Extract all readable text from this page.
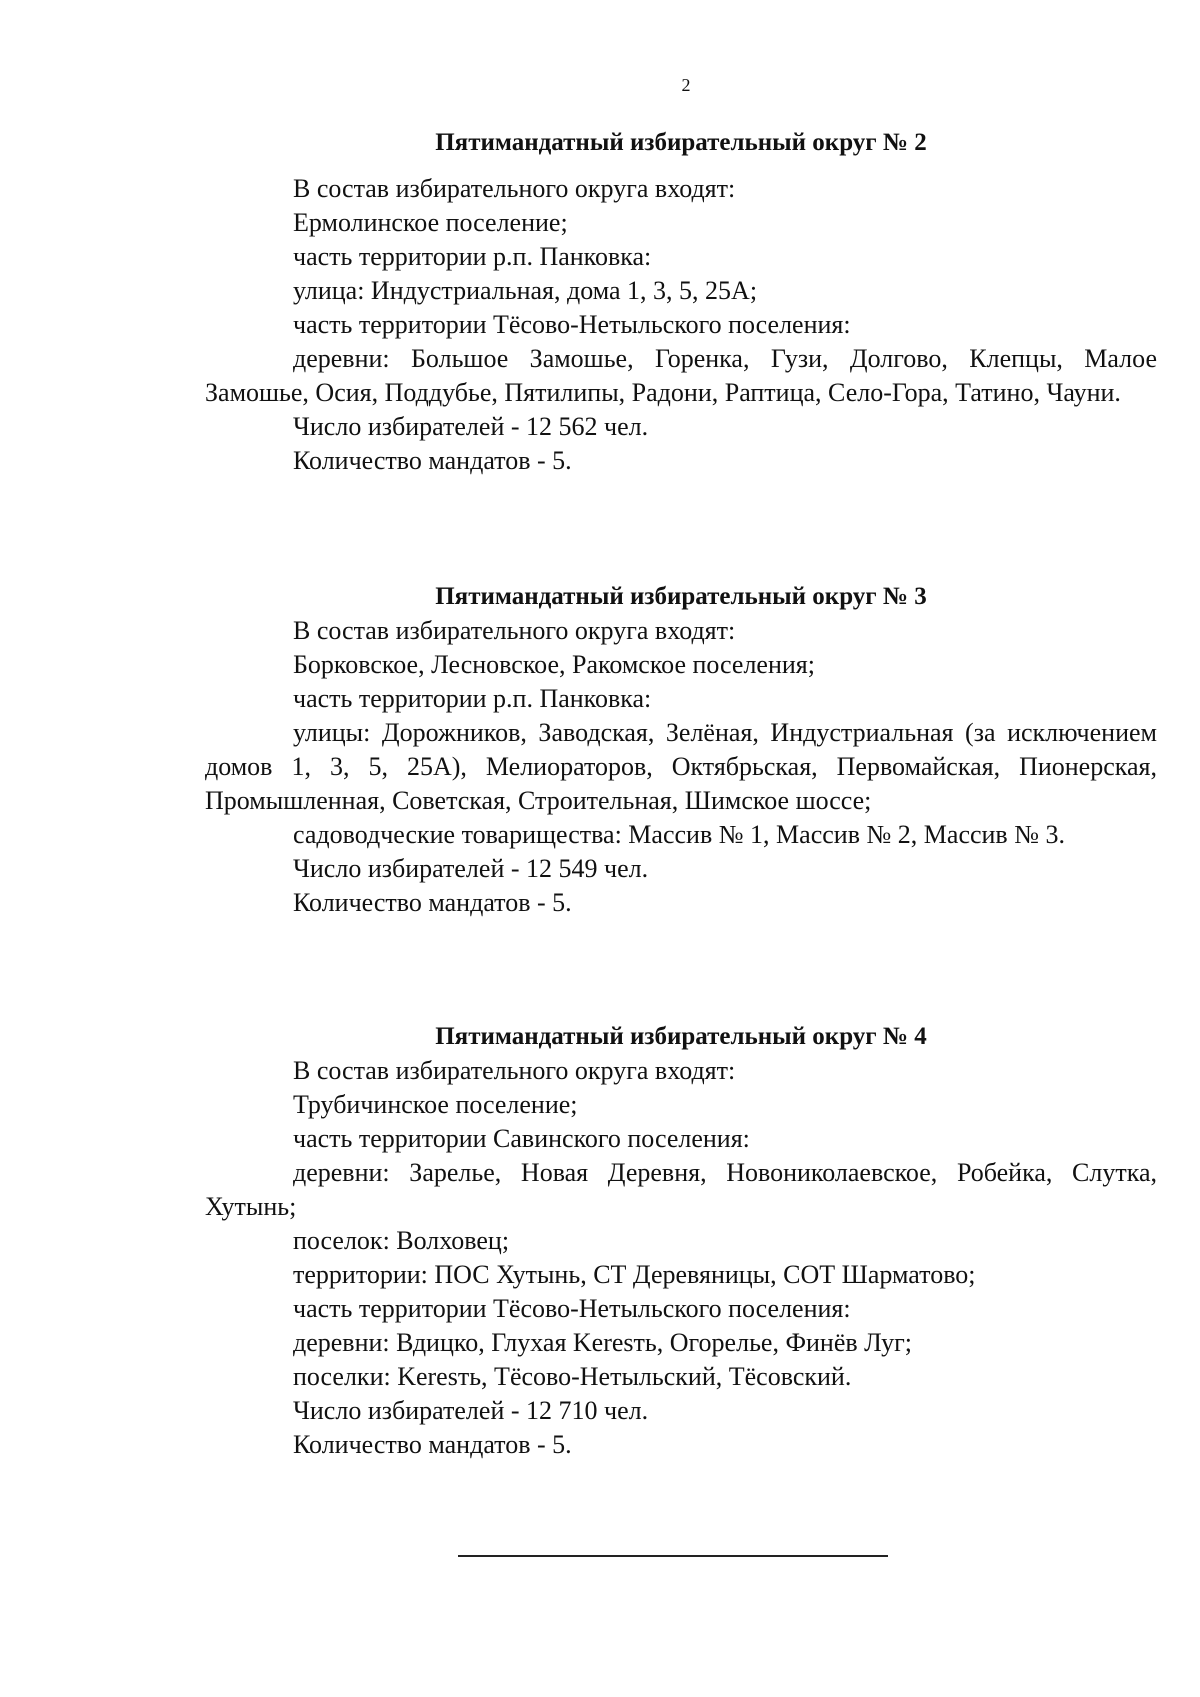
2

Пятимандатный избирательный округ № 2

В состав избирательного округа входят:

Ермолинское поселение;

часть территории р.п. Панковка:

улица: Индустриальная, дома 1, 3, 5, 25А;

часть территории Тёсово-Нетыльского поселения:

деревни: Большое Замошье, Горенка, Гузи, Долгово, Клепцы, Малое Замошье, Осия, Поддубье, Пятилипы, Радони, Раптица, Село-Гора, Татино, Чауни.

Число избирателей - 12 562 чел.

Количество мандатов - 5.

Пятимандатный избирательный округ № 3

В состав избирательного округа входят:

Борковское, Лесновское, Ракомское поселения;

часть территории р.п. Панковка:

улицы: Дорожников, Заводская, Зелёная, Индустриальная (за исключением домов 1, 3, 5, 25А), Мелиораторов, Октябрьская, Первомайская, Пионерская, Промышленная, Советская, Строительная, Шимское шоссе;

садоводческие товарищества: Массив № 1, Массив № 2, Массив № 3.

Число избирателей - 12 549 чел.

Количество мандатов - 5.

Пятимандатный избирательный округ № 4

В состав избирательного округа входят:

Трубичинское поселение;

часть территории Савинского поселения:

деревни: Зарелье, Новая Деревня, Новониколаевское, Робейка, Слутка, Хутынь;

поселок: Волховец;

территории: ПОС Хутынь, СТ Деревяницы, СОТ Шарматово;

часть территории Тёсово-Нетыльского поселения:

деревни: Вдицко, Глухая Keresть, Огорелье, Финёв Луг;

поселки: Keresть, Тёсово-Нетыльский, Тёсовский.

Число избирателей - 12 710 чел.

Количество мандатов - 5.
